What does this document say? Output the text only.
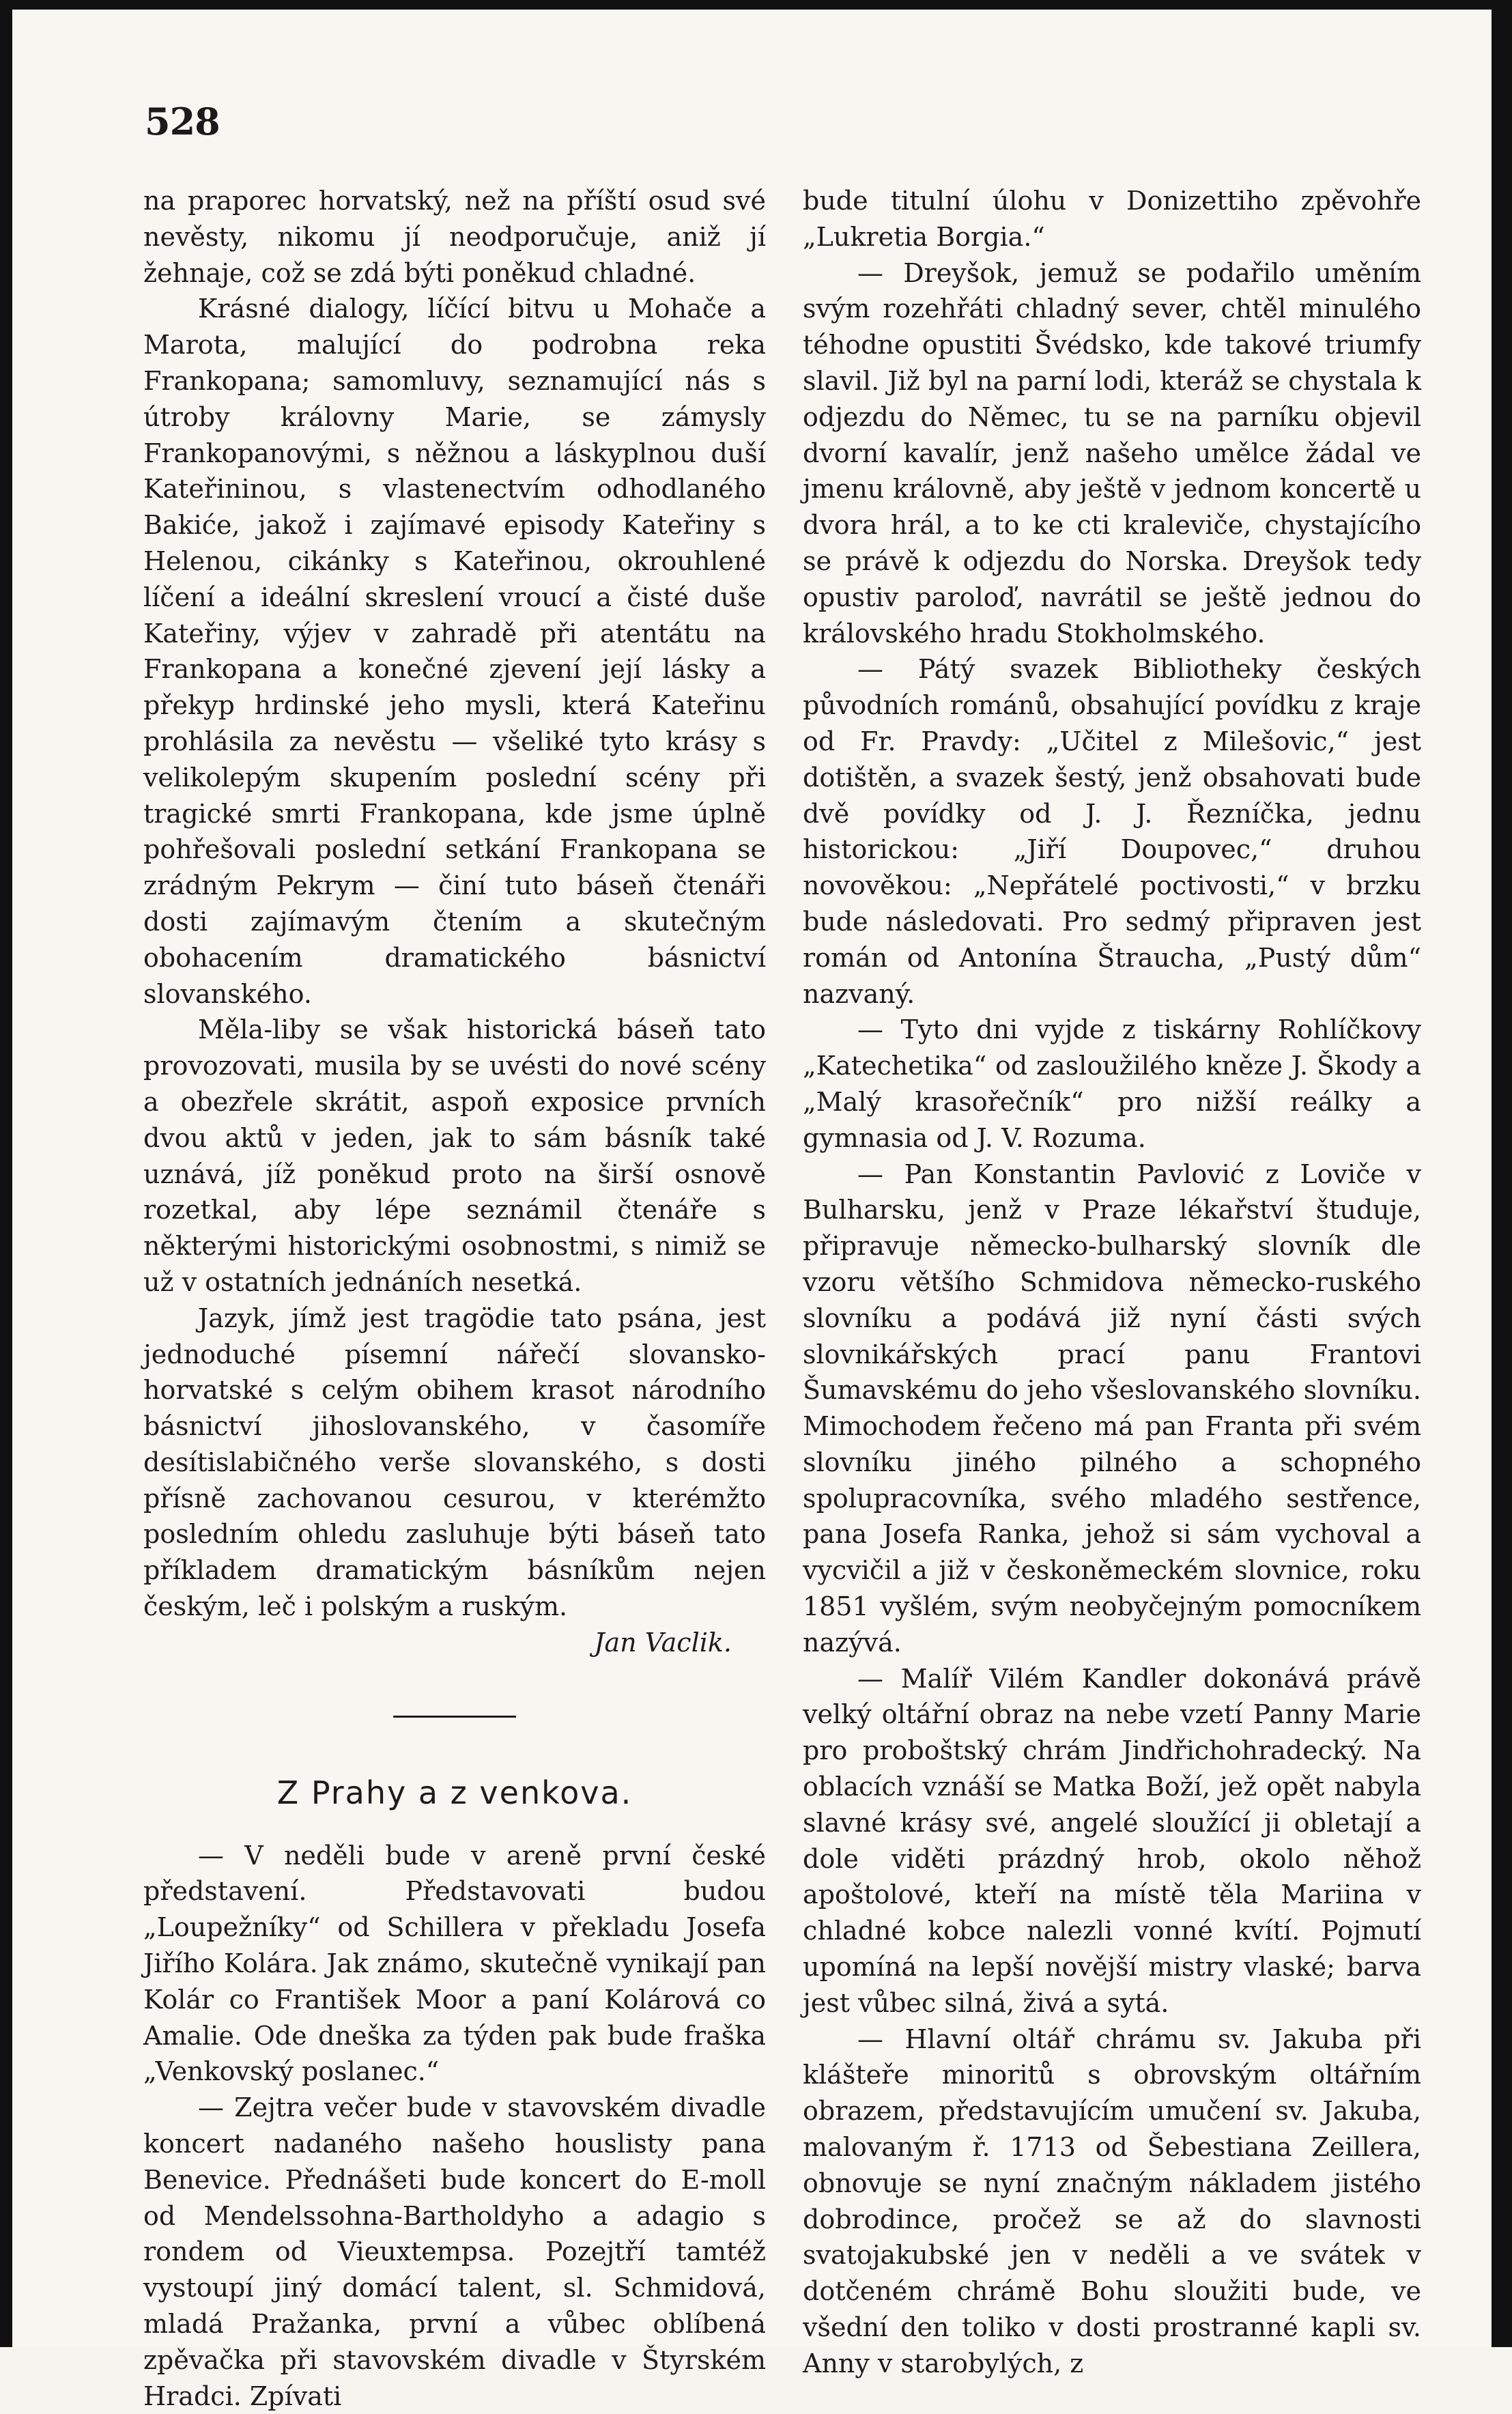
528

na praporec horvatský, než na příští osud své nevěsty, nikomu jí neodporučuje, aniž jí žehnaje, což se zdá býti poněkud chladné.

Krásné dialogy, líčící bitvu u Mohače a Marota, malující do podrobna reka Frankopana; samomluvy, seznamující nás s útroby královny Marie, se zámysly Frankopanovými, s něžnou a láskyplnou duší Kateřininou, s vlastenectvím odhodlaného Bakiće, jakož i zajímavé episody Kateřiny s Helenou, cikánky s Kateřinou, okrouhlené líčení a ideální skreslení vroucí a čisté duše Kateřiny, výjev v zahradě při atentátu na Frankopana a konečné zjevení její lásky a překyp hrdinské jeho mysli, která Kateřinu prohlásila za nevěstu — všeliké tyto krásy s velikolepým skupením poslední scény při tragické smrti Frankopana, kde jsme úplně pohřešovali poslední setkání Frankopana se zrádným Pekrym — činí tuto báseň čtenáři dosti zajímavým čtením a skutečným obohacením dramatického básnictví slovanského.

Měla-liby se však historická báseň tato provozovati, musila by se uvésti do nové scény a obezřele skrátit, aspoň exposice prvních dvou aktů v jeden, jak to sám básník také uznává, jíž poněkud proto na širší osnově rozetkal, aby lépe seznámil čtenáře s některými historickými osobnostmi, s nimiž se už v ostatních jednáních nesetká.

Jazyk, jímž jest tragödie tato psána, jest jednoduché písemní nářečí slovansko-horvatské s celým obihem krasot národního básnictví jihoslovanského, v časomíře desítislabičného verše slovanského, s dosti přísně zachovanou cesurou, v kterémžto posledním ohledu zasluhuje býti báseň tato příkladem dramatickým básníkům nejen českým, leč i polským a ruským.

Jan Vaclik.

Z Prahy a z venkova.

— V neděli bude v areně první české představení. Představovati budou „Loupežníky“ od Schillera v překladu Josefa Jiřího Kolára. Jak známo, skutečně vynikají pan Kolár co František Moor a paní Kolárová co Amalie. Ode dneška za týden pak bude fraška „Venkovský poslanec.“

— Zejtra večer bude v stavovském divadle koncert nadaného našeho houslisty pana Benevice. Přednášeti bude koncert do E-moll od Mendelssohna-Bartholdyho a adagio s rondem od Vieuxtempsa. Pozejtří tamtéž vystoupí jiný domácí talent, sl. Schmidová, mladá Pražanka, první a vůbec oblíbená zpěvačka při stavovském divadle v Štyrském Hradci. Zpívati

bude titulní úlohu v Donizettiho zpěvohře „Lukretia Borgia.“

— Dreyšok, jemuž se podařilo uměním svým rozehřáti chladný sever, chtěl minulého téhodne opustiti Švédsko, kde takové triumfy slavil. Již byl na parní lodi, kteráž se chystala k odjezdu do Němec, tu se na parníku objevil dvorní kavalír, jenž našeho umělce žádal ve jmenu královně, aby ještě v jednom koncertě u dvora hrál, a to ke cti kraleviče, chystajícího se právě k odjezdu do Norska. Dreyšok tedy opustiv paroloď, navrátil se ještě jednou do královského hradu Stokholmského.

— Pátý svazek Bibliotheky českých původních románů, obsahující povídku z kraje od Fr. Pravdy: „Učitel z Milešovic,“ jest dotištěn, a svazek šestý, jenž obsahovati bude dvě povídky od J. J. Řezníčka, jednu historickou: „Jiří Doupovec,“ druhou novověkou: „Nepřátelé poctivosti,“ v brzku bude následovati. Pro sedmý připraven jest román od Antonína Štraucha, „Pustý dům“ nazvaný.

— Tyto dni vyjde z tiskárny Rohlíčkovy „Katechetika“ od zasloužilého kněze J. Škody a „Malý krasořečník“ pro nižší reálky a gymnasia od J. V. Rozuma.

— Pan Konstantin Pavlović z Loviče v Bulharsku, jenž v Praze lékařství študuje, připravuje německo-bulharský slovník dle vzoru většího Schmidova německo-ruského slovníku a podává již nyní části svých slovnikářských prací panu Frantovi Šumavskému do jeho všeslovanského slovníku. Mimochodem řečeno má pan Franta při svém slovníku jiného pilného a schopného spolupracovníka, svého mladého sestřence, pana Josefa Ranka, jehož si sám vychoval a vycvičil a již v českoněmeckém slovnice, roku 1851 vyšlém, svým neobyčejným pomocníkem nazývá.

— Malíř Vilém Kandler dokonává právě velký oltářní obraz na nebe vzetí Panny Marie pro proboštský chrám Jindřichohradecký. Na oblacích vznáší se Matka Boží, jež opět nabyla slavné krásy své, angelé sloužící ji obletají a dole viděti prázdný hrob, okolo něhož apoštolové, kteří na místě těla Mariina v chladné kobce nalezli vonné kvítí. Pojmutí upomíná na lepší novější mistry vlaské; barva jest vůbec silná, živá a sytá.

— Hlavní oltář chrámu sv. Jakuba při klášteře minoritů s obrovským oltářním obrazem, představujícím umučení sv. Jakuba, malovaným ř. 1713 od Šebestiana Zeillera, obnovuje se nyní značným nákladem jistého dobrodince, pročež se až do slavnosti svatojakubské jen v neděli a ve svátek v dotčeném chrámě Bohu sloužiti bude, ve všední den toliko v dosti prostranné kapli sv. Anny v starobylých, z
